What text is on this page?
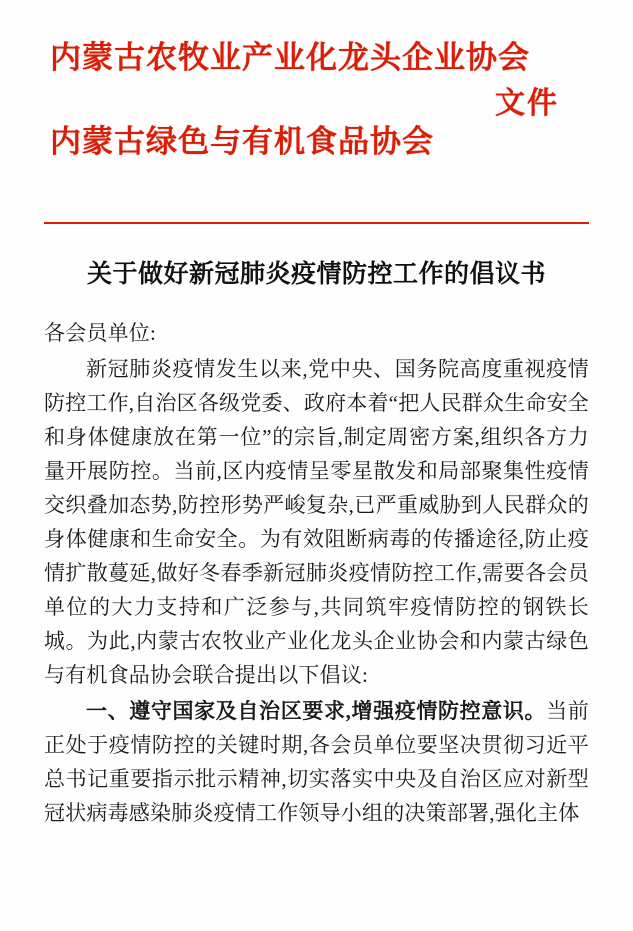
内蒙古农牧业产业化龙头企业协会
文件
内蒙古绿色与有机食品协会
关于做好新冠肺炎疫情防控工作的倡议书

各会员单位:

新冠肺炎疫情发生以来,党中央、国务院高度重视疫情防控工作,自治区各级党委、政府本着“把人民群众生命安全和身体健康放在第一位”的宗旨,制定周密方案,组织各方力量开展防控。当前,区内疫情呈零星散发和局部聚集性疫情交织叠加态势,防控形势严峻复杂,已严重威胁到人民群众的身体健康和生命安全。为有效阻断病毒的传播途径,防止疫情扩散蔓延,做好冬春季新冠肺炎疫情防控工作,需要各会员单位的大力支持和广泛参与,共同筑牢疫情防控的钢铁长城。为此,内蒙古农牧业产业化龙头企业协会和内蒙古绿色与有机食品协会联合提出以下倡议:

一、遵守国家及自治区要求,增强疫情防控意识。当前正处于疫情防控的关键时期,各会员单位要坚决贯彻习近平总书记重要指示批示精神,切实落实中央及自治区应对新型冠状病毒感染肺炎疫情工作领导小组的决策部署,强化主体
